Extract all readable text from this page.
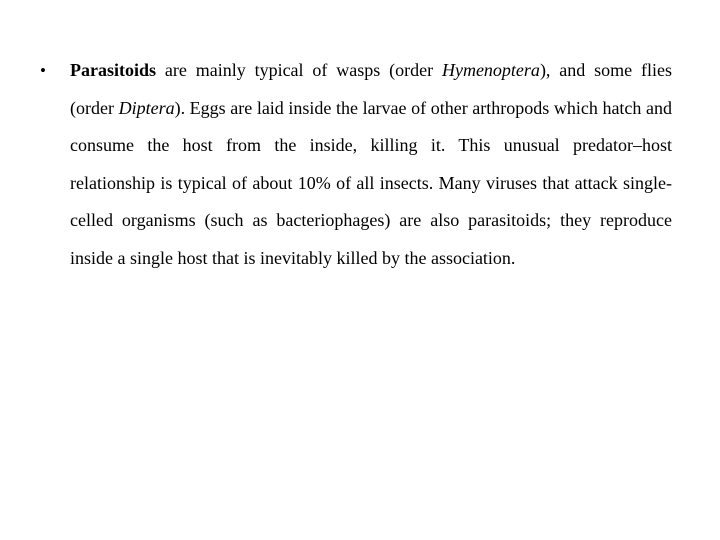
• Parasitoids are mainly typical of wasps (order Hymenoptera), and some flies (order Diptera). Eggs are laid inside the larvae of other arthropods which hatch and consume the host from the inside, killing it. This unusual predator–host relationship is typical of about 10% of all insects. Many viruses that attack single-celled organisms (such as bacteriophages) are also parasitoids; they reproduce inside a single host that is inevitably killed by the association.
